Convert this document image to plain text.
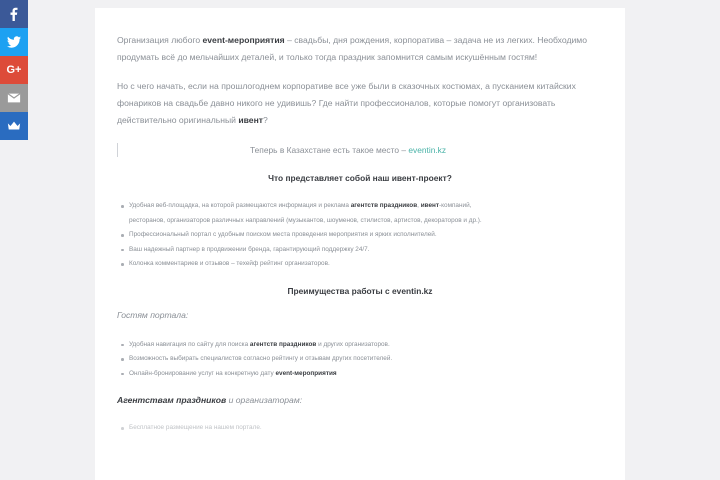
G+

Организация любого event-мероприятия – свадьбы, дня рождения, корпоратива – задача не из легких. Необходимо продумать всё до мельчайших деталей, и только тогда праздник запомнится самым искушённым гостям!

Но с чего начать, если на прошлогоднем корпоративе все уже были в сказочных костюмах, а пусканием китайских фонариков на свадьбе давно никого не удивишь? Где найти профессионалов, которые помогут организовать действительно оригинальный ивент?

Теперь в Казахстане есть такое место – eventin.kz
Что представляет собой наш ивент-проект?
Удобная веб-площадка, на которой размещаются информация и реклама агентств праздников, ивент-компаний,
ресторанов, организаторов различных направлений (музыкантов, шоуменов, стилистов, артистов, декораторов и др.).
Профессиональный портал с удобным поиском места проведения мероприятия и ярких исполнителей.
Ваш надежный партнер в продвижении бренда, гарантирующий поддержку 24/7.
Колонка комментариев и отзывов – техейф рейтинг организаторов.
Преимущества работы с eventin.kz

Гостям портала:

Удобная навигация по сайту для поиска агентств праздников и других организаторов.
Возможность выбирать специалистов согласно рейтингу и отзывам других посетителей.
Онлайн-бронирование услуг на конкретную дату event-мероприятия

Агентствам праздников и организаторам:

Бесплатное размещение на нашем портале.
